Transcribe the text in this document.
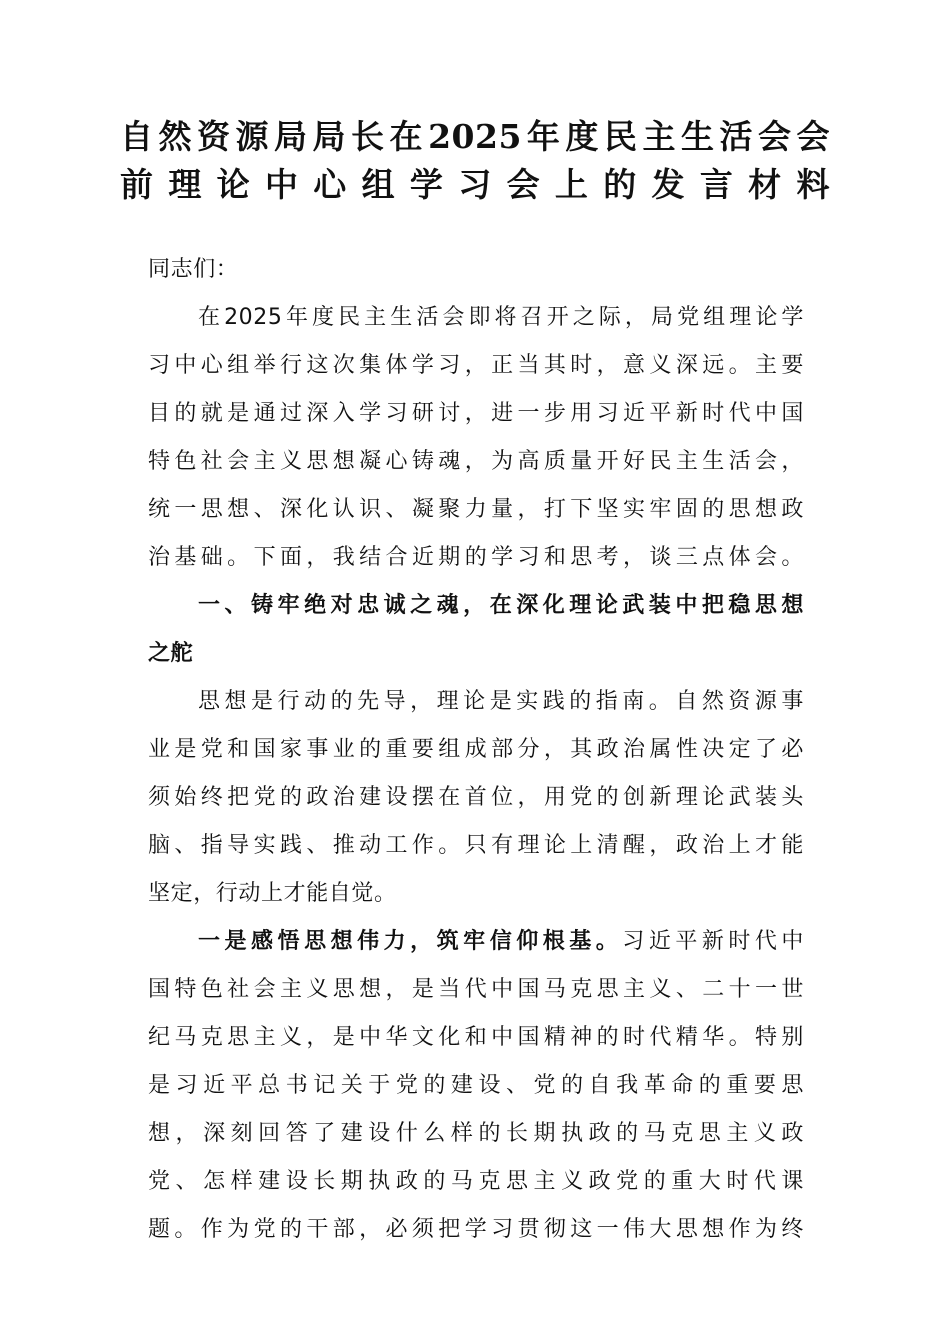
自然资源局局长在2025年度民主生活会会
前理论中心组学习会上的发言材料
同志们：
在2025年度民主生活会即将召开之际，局党组理论学
习中心组举行这次集体学习，正当其时，意义深远。主要
目的就是通过深入学习研讨，进一步用习近平新时代中国
特色社会主义思想凝心铸魂，为高质量开好民主生活会，
统一思想、深化认识、凝聚力量，打下坚实牢固的思想政
治基础。下面，我结合近期的学习和思考，谈三点体会。
一、铸牢绝对忠诚之魂，在深化理论武装中把稳思想
之舵
思想是行动的先导，理论是实践的指南。自然资源事
业是党和国家事业的重要组成部分，其政治属性决定了必
须始终把党的政治建设摆在首位，用党的创新理论武装头
脑、指导实践、推动工作。只有理论上清醒，政治上才能
坚定，行动上才能自觉。
一是感悟思想伟力，筑牢信仰根基。习近平新时代中
国特色社会主义思想，是当代中国马克思主义、二十一世
纪马克思主义，是中华文化和中国精神的时代精华。特别
是习近平总书记关于党的建设、党的自我革命的重要思
想，深刻回答了建设什么样的长期执政的马克思主义政
党、怎样建设长期执政的马克思主义政党的重大时代课
题。作为党的干部，必须把学习贯彻这一伟大思想作为终
